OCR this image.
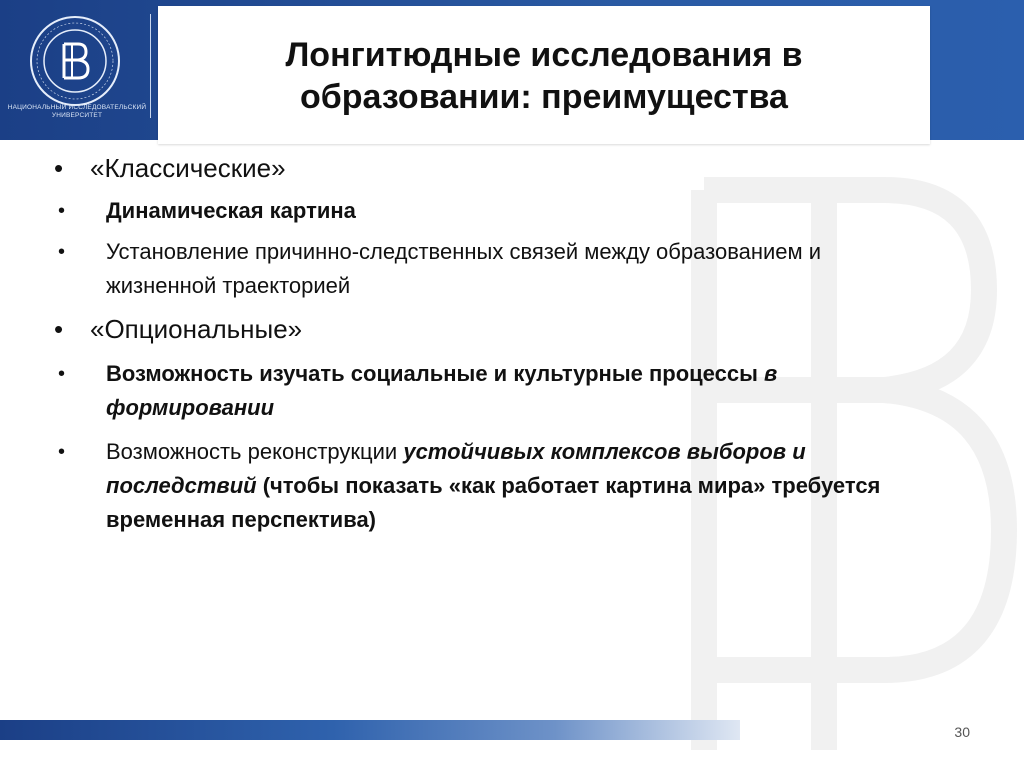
НАЦИОНАЛЬНЫЙ ИССЛЕДОВАТЕЛЬСКИЙ УНИВЕРСИТЕТ
Лонгитюдные исследования в
образовании: преимущества
•	«Классические»
•	Динамическая картина
•	Установление причинно-следственных связей между образованием и жизненной траекторией
•	«Опциональные»
•	Возможность изучать социальные и культурные процессы в формировании
•	Возможность реконструкции устойчивых комплексов выборов и последствий (чтобы показать «как работает картина мира» требуется временная перспектива)
30
